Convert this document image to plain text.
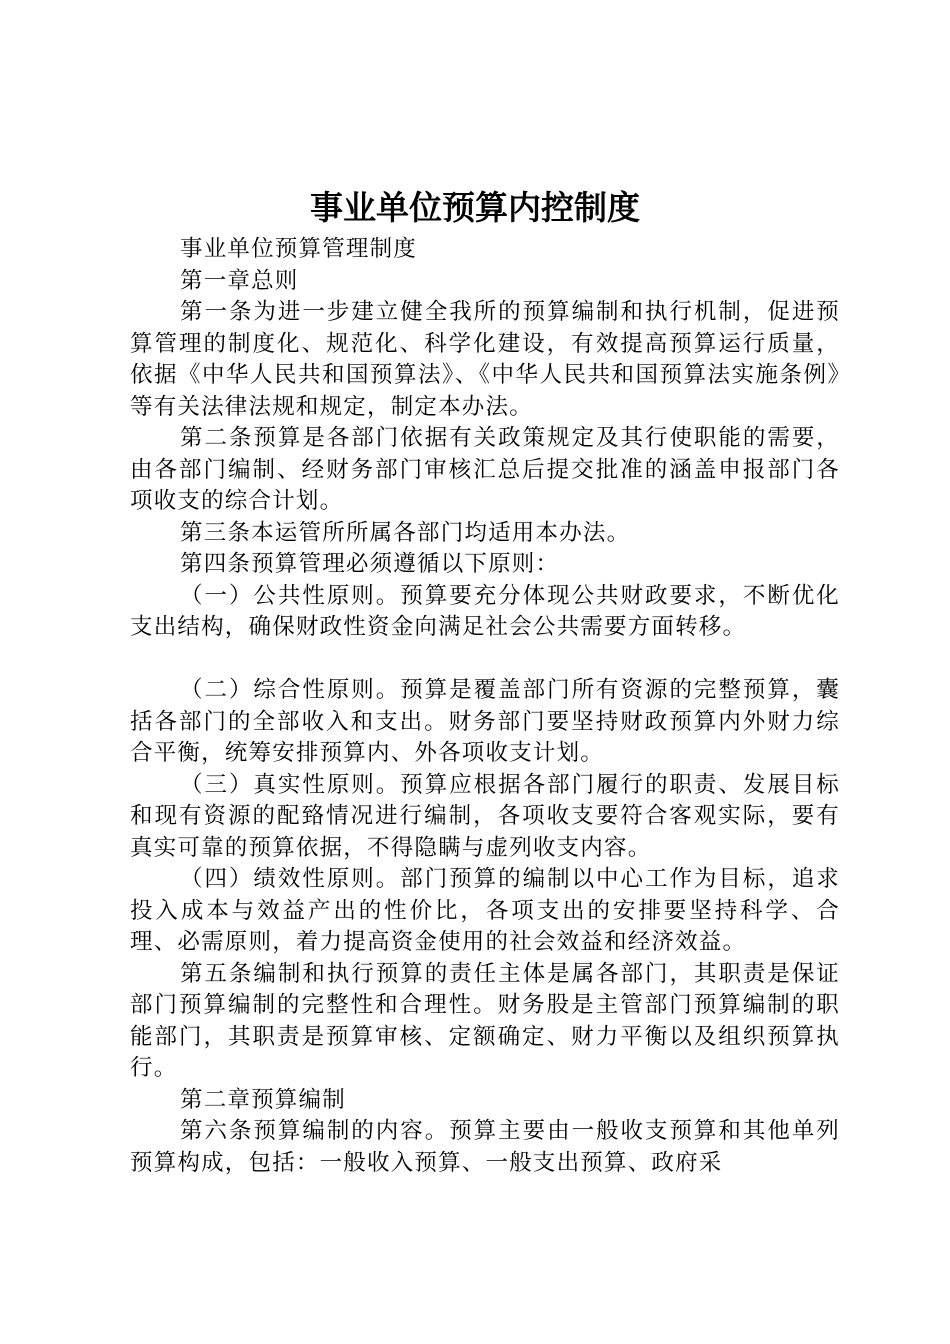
事业单位预算内控制度

事业单位预算管理制度

第一章总则

第一条为进一步建立健全我所的预算编制和执行机制，促进预算管理的制度化、规范化、科学化建设，有效提高预算运行质量，依据《中华人民共和国预算法》、《中华人民共和国预算法实施条例》等有关法律法规和规定，制定本办法。

第二条预算是各部门依据有关政策规定及其行使职能的需要，由各部门编制、经财务部门审核汇总后提交批准的涵盖申报部门各项收支的综合计划。

第三条本运管所所属各部门均适用本办法。

第四条预算管理必须遵循以下原则：

（一）公共性原则。预算要充分体现公共财政要求，不断优化支出结构，确保财政性资金向满足社会公共需要方面转移。

（二）综合性原则。预算是覆盖部门所有资源的完整预算，囊括各部门的全部收入和支出。财务部门要坚持财政预算内外财力综合平衡，统筹安排预算内、外各项收支计划。

（三）真实性原则。预算应根据各部门履行的职责、发展目标和现有资源的配臵情况进行编制，各项收支要符合客观实际，要有真实可靠的预算依据，不得隐瞒与虚列收支内容。

（四）绩效性原则。部门预算的编制以中心工作为目标，追求投入成本与效益产出的性价比，各项支出的安排要坚持科学、合理、必需原则，着力提高资金使用的社会效益和经济效益。

第五条编制和执行预算的责任主体是属各部门，其职责是保证部门预算编制的完整性和合理性。财务股是主管部门预算编制的职能部门，其职责是预算审核、定额确定、财力平衡以及组织预算执行。

第二章预算编制

第六条预算编制的内容。预算主要由一般收支预算和其他单列预算构成，包括：一般收入预算、一般支出预算、政府采
